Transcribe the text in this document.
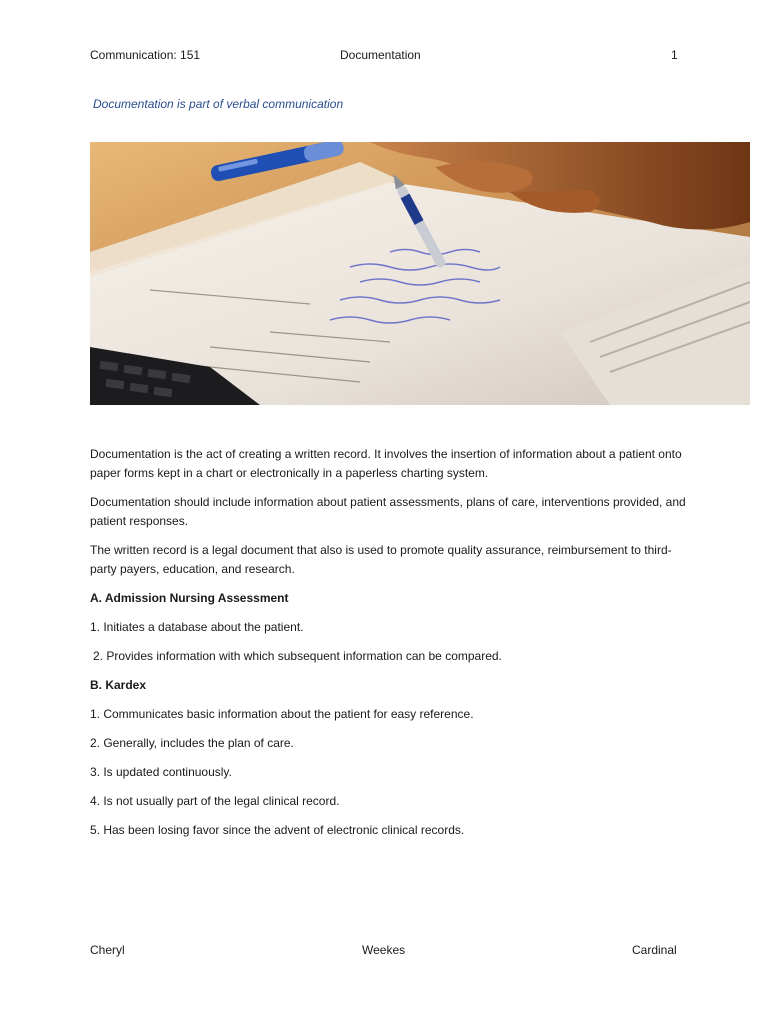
Communication: 151	Documentation	1
Documentation is part of verbal communication

Documentation is the act of creating a written record. It involves the insertion of information about a patient onto paper forms kept in a chart or electronically in a paperless charting system.

Documentation should include information about patient assessments, plans of care, interventions provided, and patient responses.

The written record is a legal document that also is used to promote quality assurance, reimbursement to third-party payers, education, and research.

A. Admission Nursing Assessment

1. Initiates a database about the patient.

2. Provides information with which subsequent information can be compared.

B. Kardex

1. Communicates basic information about the patient for easy reference.

2. Generally, includes the plan of care.

3. Is updated continuously.

4. Is not usually part of the legal clinical record.

5. Has been losing favor since the advent of electronic clinical records.

Cheryl	Weekes	Cardinal
